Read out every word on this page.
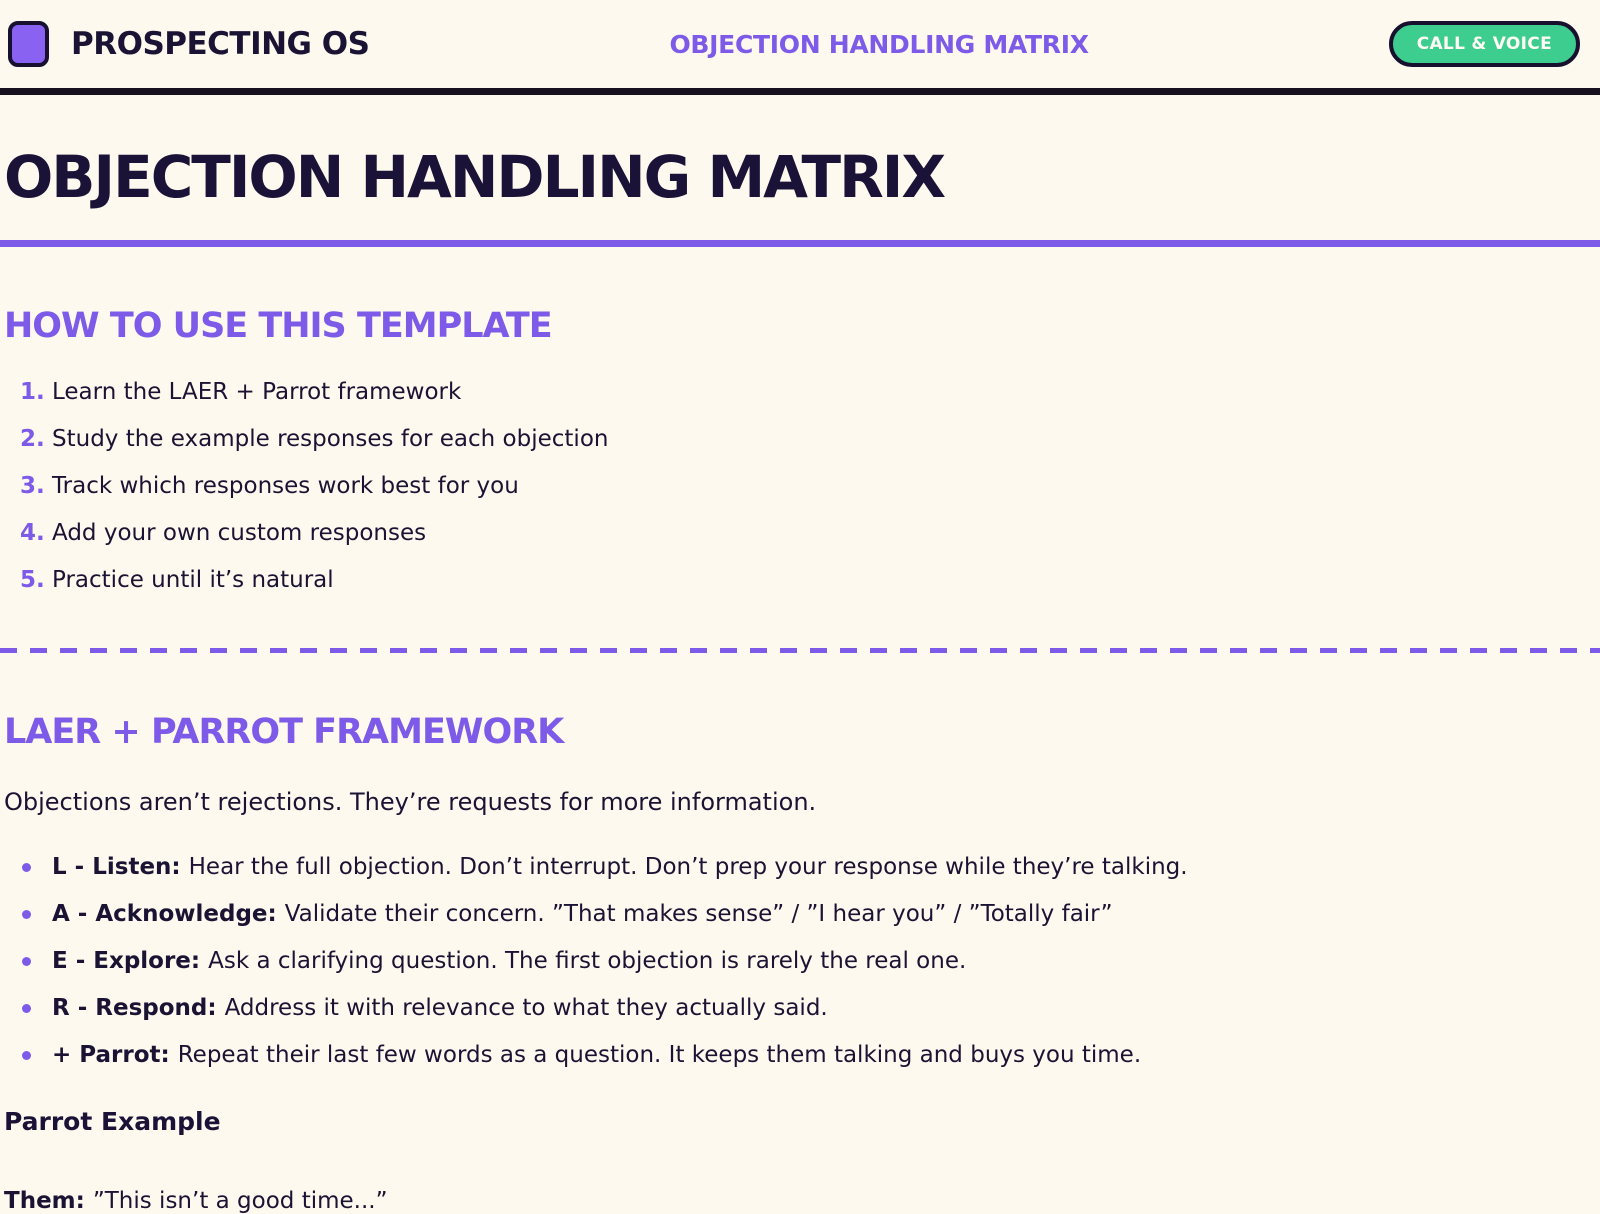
PROSPECTING OS	OBJECTION HANDLING MATRIX	CALL & VOICE
OBJECTION HANDLING MATRIX
HOW TO USE THIS TEMPLATE
1. Learn the LAER + Parrot framework
2. Study the example responses for each objection
3. Track which responses work best for you
4. Add your own custom responses
5. Practice until it’s natural
LAER + PARROT FRAMEWORK

Objections aren’t rejections. They’re requests for more information.

L - Listen: Hear the full objection. Don’t interrupt. Don’t prep your response while they’re talking.
A - Acknowledge: Validate their concern. ”That makes sense” / ”I hear you” / ”Totally fair”
E - Explore: Ask a clarifying question. The first objection is rarely the real one.
R - Respond: Address it with relevance to what they actually said.
+ Parrot: Repeat their last few words as a question. It keeps them talking and buys you time.
Parrot Example

Them: ”This isn’t a good time...”
